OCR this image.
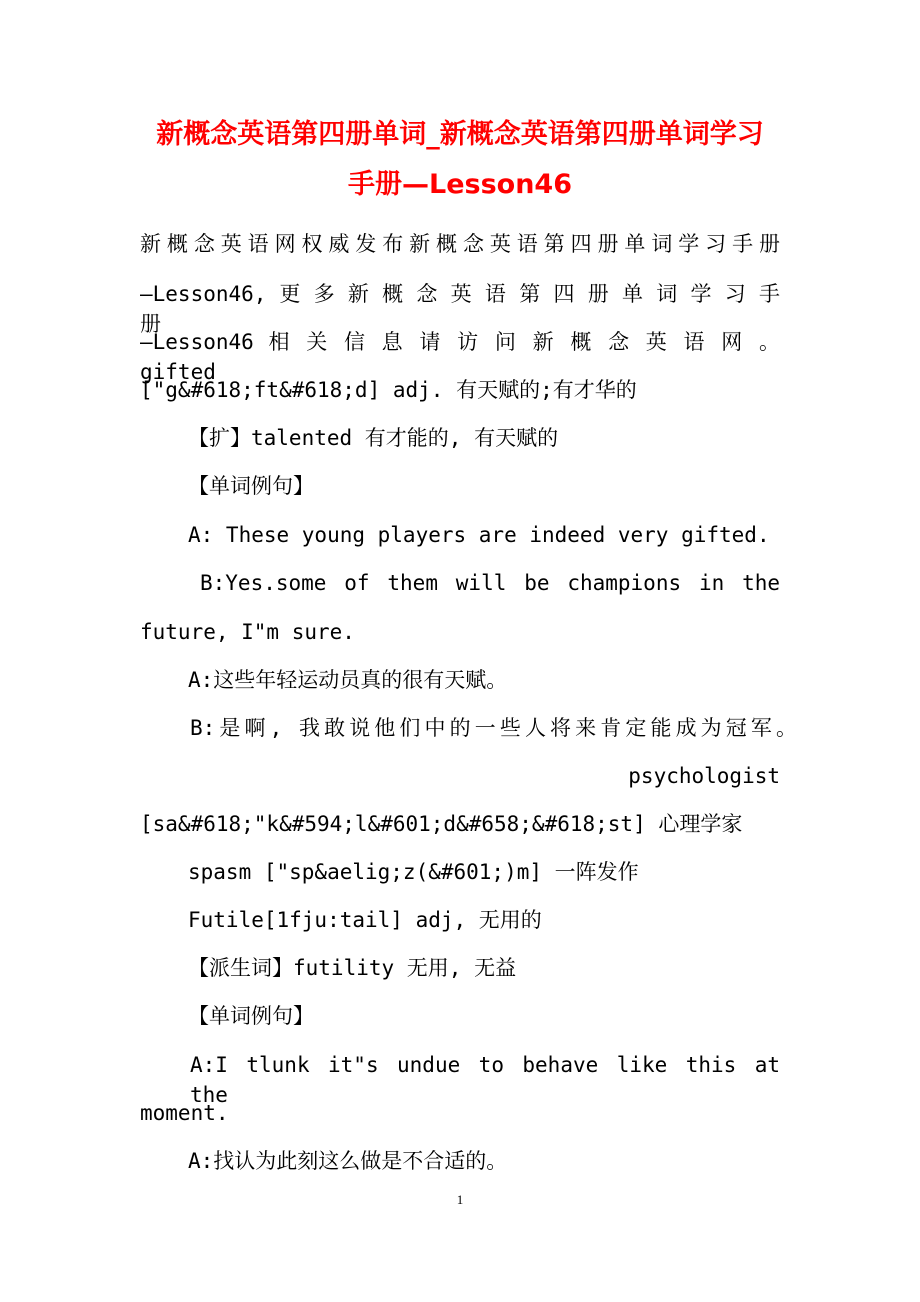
新概念英语第四册单词_新概念英语第四册单词学习
手册—Lesson46
新概念英语网权威发布新概念英语第四册单词学习手册
—Lesson46, 更 多 新 概 念 英 语 第 四 册 单 词 学 习 手 册
—Lesson46 相 关 信 息 请 访 问 新 概 念 英 语 网 。 gifted
["g&#618;ft&#618;d] adj. 有天赋的;有才华的
【扩】talented 有才能的, 有天赋的
【单词例句】
A: These young players are indeed very gifted.
B:Yes.some of them will be champions in the
future, I"m sure.
A:这些年轻运动员真的很有天赋。
B:是啊, 我敢说他们中的一些人将来肯定能成为冠军。
psychologist
[sa&#618;"k&#594;l&#601;d&#658;&#618;st] 心理学家
spasm ["sp&aelig;z(&#601;)m] 一阵发作
Futile[1fju:tail] adj, 无用的
【派生词】futility 无用, 无益
【单词例句】
A:I tlunk it"s undue to behave like this at the
moment.
A:找认为此刻这么做是不合适的。
1
